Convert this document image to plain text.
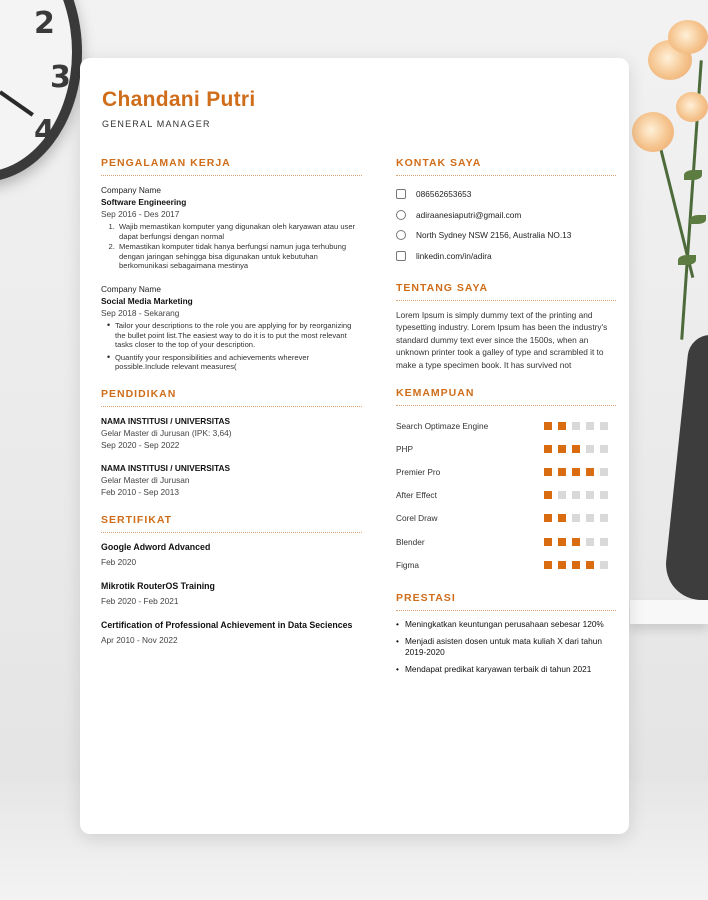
2
3
4
Chandani Putri
GENERAL MANAGER
PENGALAMAN KERJA
Company Name
Software Engineering
Sep 2016 - Des 2017
1. Wajib memastikan komputer yang digunakan oleh karyawan atau user dapat berfungsi dengan normal
2. Memastikan komputer tidak hanya berfungsi namun juga terhubung dengan jaringan sehingga bisa digunakan untuk kebutuhan berkomunikasi sebagaimana mestinya
Company Name
Social Media Marketing
Sep 2018 - Sekarang
• Tailor your descriptions to the role you are applying for by reorganizing the bullet point list.The easiest way to do it is to put the most relevant tasks closer to the top of your description.
• Quantify your responsibilities and achievements wherever possible.Include relevant measures(
PENDIDIKAN
NAMA INSTITUSI / UNIVERSITAS
Gelar Master di Jurusan (IPK: 3,64)
Sep 2020 - Sep 2022
NAMA INSTITUSI / UNIVERSITAS
Gelar Master di Jurusan
Feb 2010 - Sep 2013
SERTIFIKAT
Google Adword Advanced
Feb 2020
Mikrotik RouterOS Training
Feb 2020 - Feb 2021
Certification of Professional Achievement in Data Seciences
Apr 2010 - Nov 2022
KONTAK SAYA
086562653653
adiraanesiaputri@gmail.com
North Sydney NSW 2156, Australia NO.13
linkedin.com/in/adira
TENTANG SAYA
Lorem Ipsum is simply dummy text of the printing and typesetting industry. Lorem Ipsum has been the industry's standard dummy text ever since the 1500s, when an unknown printer took a galley of type and scrambled it to make a type specimen book. It has survived not
KEMAMPUAN
Search Optimaze Engine
PHP
Premier Pro
After Effect
Corel Draw
Blender
Figma
PRESTASI
• Meningkatkan keuntungan perusahaan sebesar 120%
• Menjadi asisten dosen untuk mata kuliah X dari tahun 2019-2020
• Mendapat predikat karyawan terbaik di tahun 2021
